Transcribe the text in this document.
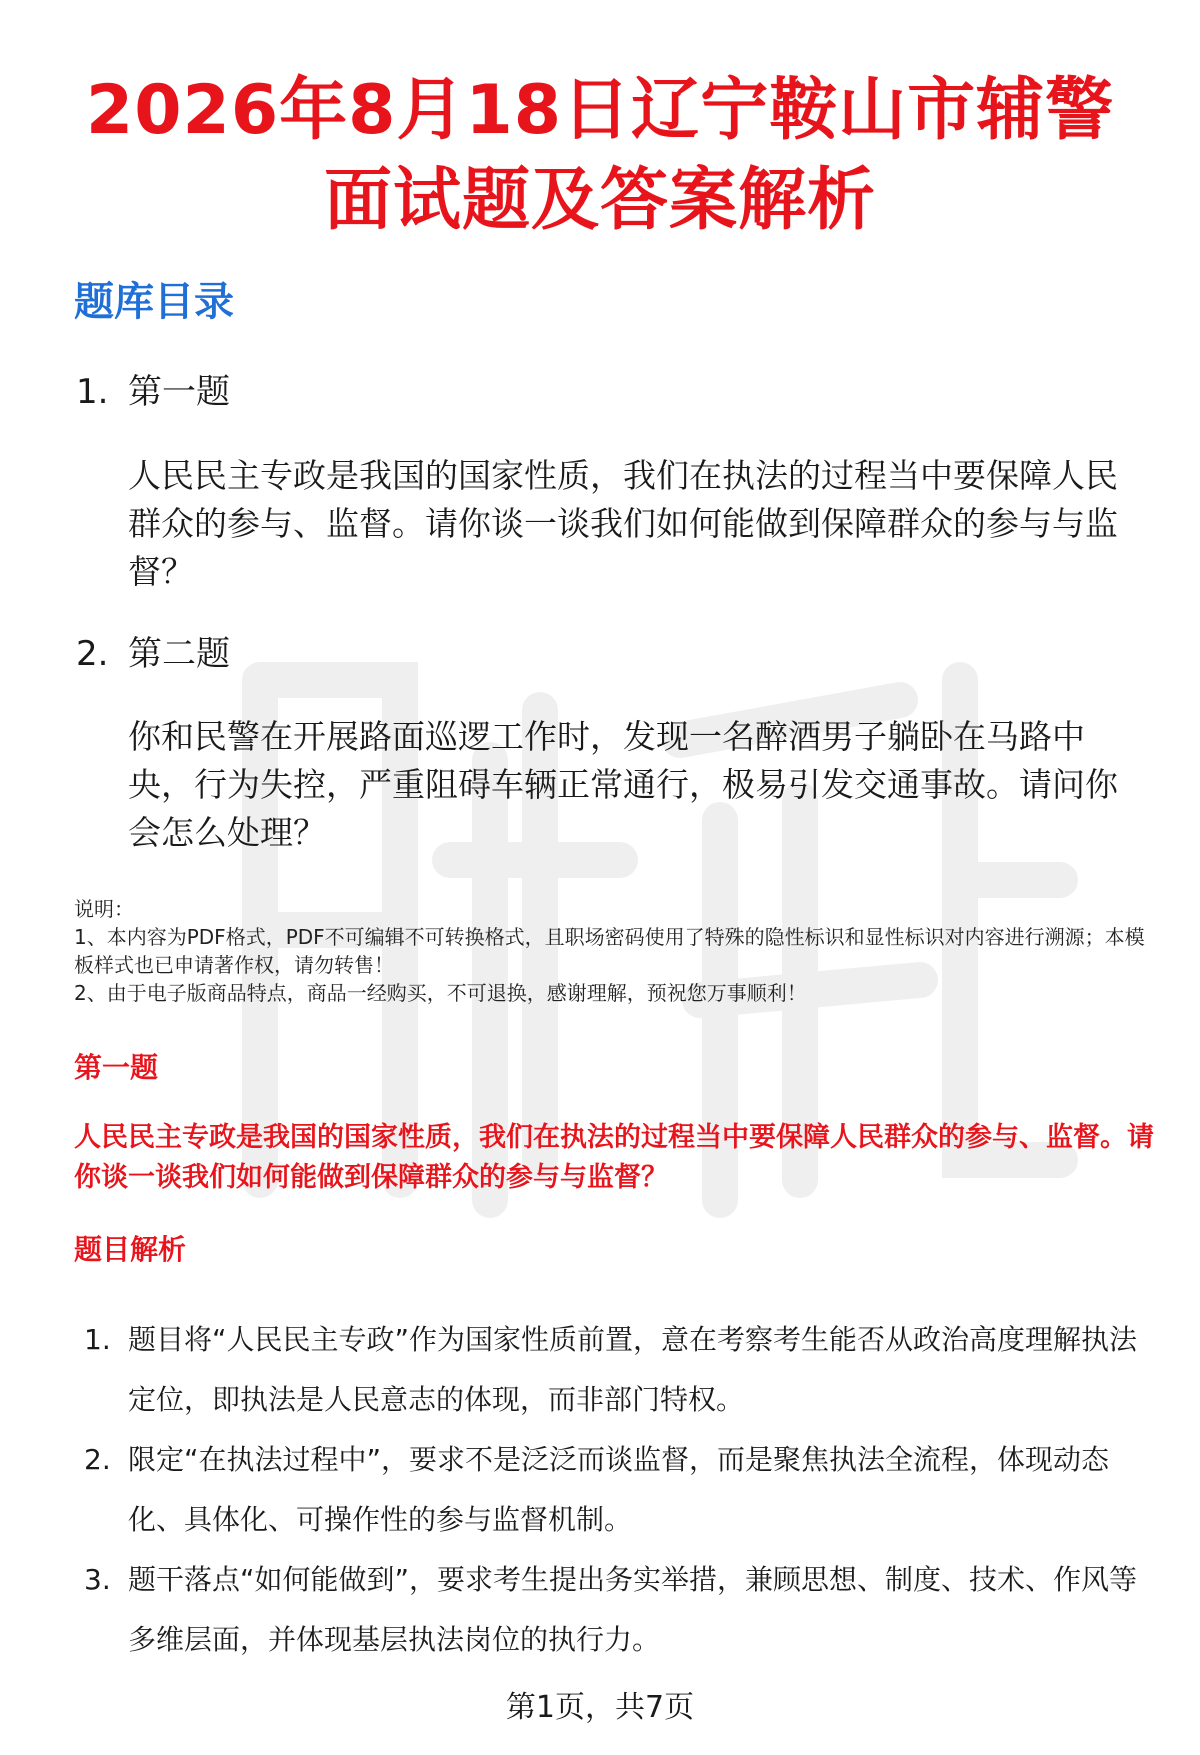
2026年8月18日辽宁鞍山市辅警面试题及答案解析
题库目录
1. 第一题
人民民主专政是我国的国家性质，我们在执法的过程当中要保障人民群众的参与、监督。请你谈一谈我们如何能做到保障群众的参与与监督？
2. 第二题
你和民警在开展路面巡逻工作时，发现一名醉酒男子躺卧在马路中央，行为失控，严重阻碍车辆正常通行，极易引发交通事故。请问你会怎么处理？
说明：
1、本内容为PDF格式，PDF不可编辑不可转换格式，且职场密码使用了特殊的隐性标识和显性标识对内容进行溯源；本模板样式也已申请著作权，请勿转售！
2、由于电子版商品特点，商品一经购买，不可退换，感谢理解，预祝您万事顺利！
第一题
人民民主专政是我国的国家性质，我们在执法的过程当中要保障人民群众的参与、监督。请你谈一谈我们如何能做到保障群众的参与与监督？
题目解析
1. 题目将“人民民主专政”作为国家性质前置，意在考察考生能否从政治高度理解执法定位，即执法是人民意志的体现，而非部门特权。
2. 限定“在执法过程中”，要求不是泛泛而谈监督，而是聚焦执法全流程，体现动态化、具体化、可操作性的参与监督机制。
3. 题干落点“如何能做到”，要求考生提出务实举措，兼顾思想、制度、技术、作风等多维层面，并体现基层执法岗位的执行力。
第1页，共7页
